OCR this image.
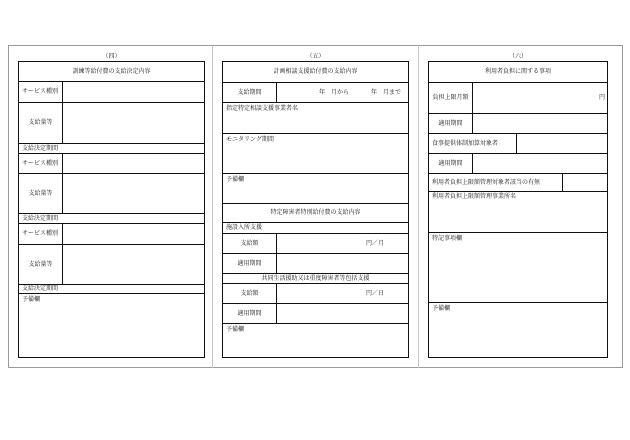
（四）	（五）	（六）
訓練等給付費の支給決定内容
サービス種別
支給量等
支給決定期間
サービス種別
支給量等
支給決定期間
サービス種別
支給量等
支給決定期間
予備欄
計画相談支援給付費の支給内容
支給期間	年　月から	年　月まで
指定特定相談支援事業者名
モニタリング期間
予備欄
特定障害者特別給付費の支給内容
施設入所支援
支給額	円／月
適用期間
共同生活援助又は重度障害者等包括支援
支給額	円／日
適用期間
予備欄
利用者負担に関する事項
負担上限月額	円
適用期間
食事提供体制加算対象者
適用期間
利用者負担上限額管理対象者該当の有無
利用者負担上限額管理事業所名
特記事項欄
予備欄
